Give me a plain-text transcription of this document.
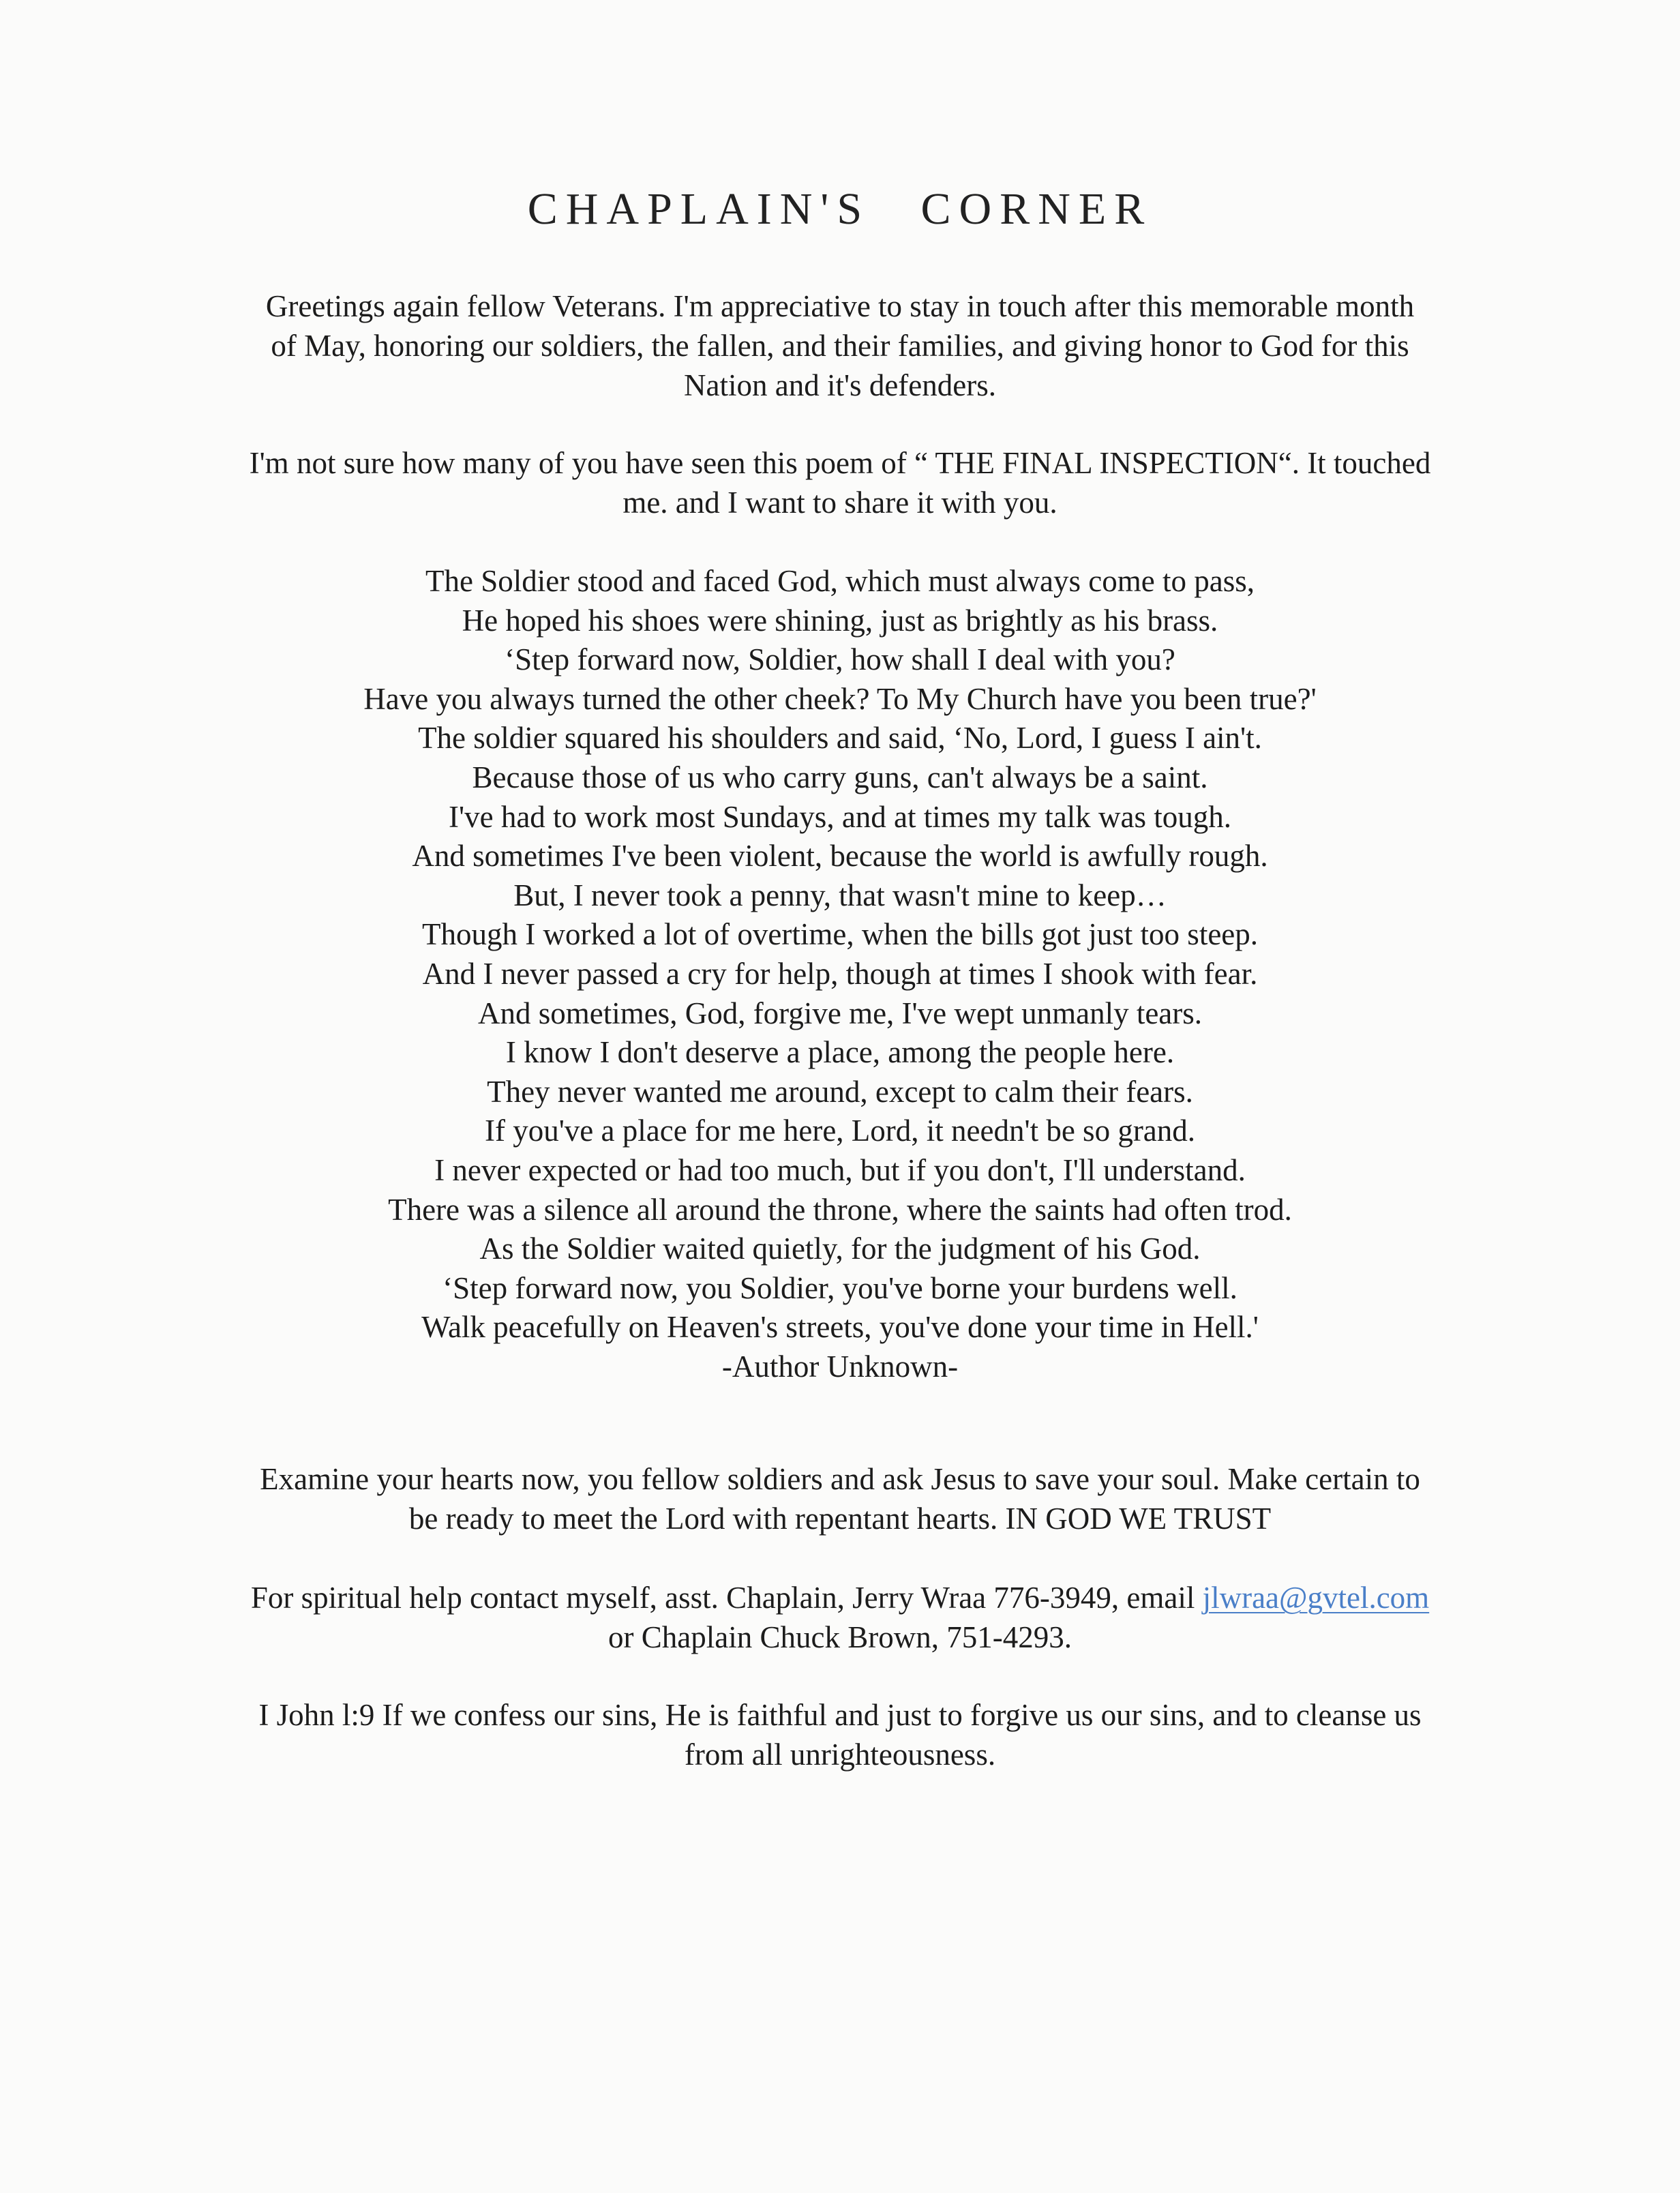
CHAPLAIN'S CORNER
Greetings again fellow Veterans. I'm appreciative to stay in touch after this memorable month
of May, honoring our soldiers, the fallen, and their families, and giving honor to God for this
Nation and it's defenders.
I'm not sure how many of you have seen this poem of “ THE FINAL INSPECTION“. It touched
me. and I want to share it with you.
The Soldier stood and faced God, which must always come to pass,
He hoped his shoes were shining, just as brightly as his brass.
‘Step forward now, Soldier, how shall I deal with you?
Have you always turned the other cheek? To My Church have you been true?'
The soldier squared his shoulders and said, ‘No, Lord, I guess I ain't.
Because those of us who carry guns, can't always be a saint.
I've had to work most Sundays, and at times my talk was tough.
And sometimes I've been violent, because the world is awfully rough.
But, I never took a penny, that wasn't mine to keep…
Though I worked a lot of overtime, when the bills got just too steep.
And I never passed a cry for help, though at times I shook with fear.
And sometimes, God, forgive me, I've wept unmanly tears.
I know I don't deserve a place, among the people here.
They never wanted me around, except to calm their fears.
If you've a place for me here, Lord, it needn't be so grand.
I never expected or had too much, but if you don't, I'll understand.
There was a silence all around the throne, where the saints had often trod.
As the Soldier waited quietly, for the judgment of his God.
‘Step forward now, you Soldier, you've borne your burdens well.
Walk peacefully on Heaven's streets, you've done your time in Hell.'
-Author Unknown-
Examine your hearts now, you fellow soldiers and ask Jesus to save your soul. Make certain to
be ready to meet the Lord with repentant hearts. IN GOD WE TRUST
For spiritual help contact myself, asst. Chaplain, Jerry Wraa 776-3949, email jlwraa@gvtel.com
or Chaplain Chuck Brown, 751-4293.
I John l:9 If we confess our sins, He is faithful and just to forgive us our sins, and to cleanse us
from all unrighteousness.
